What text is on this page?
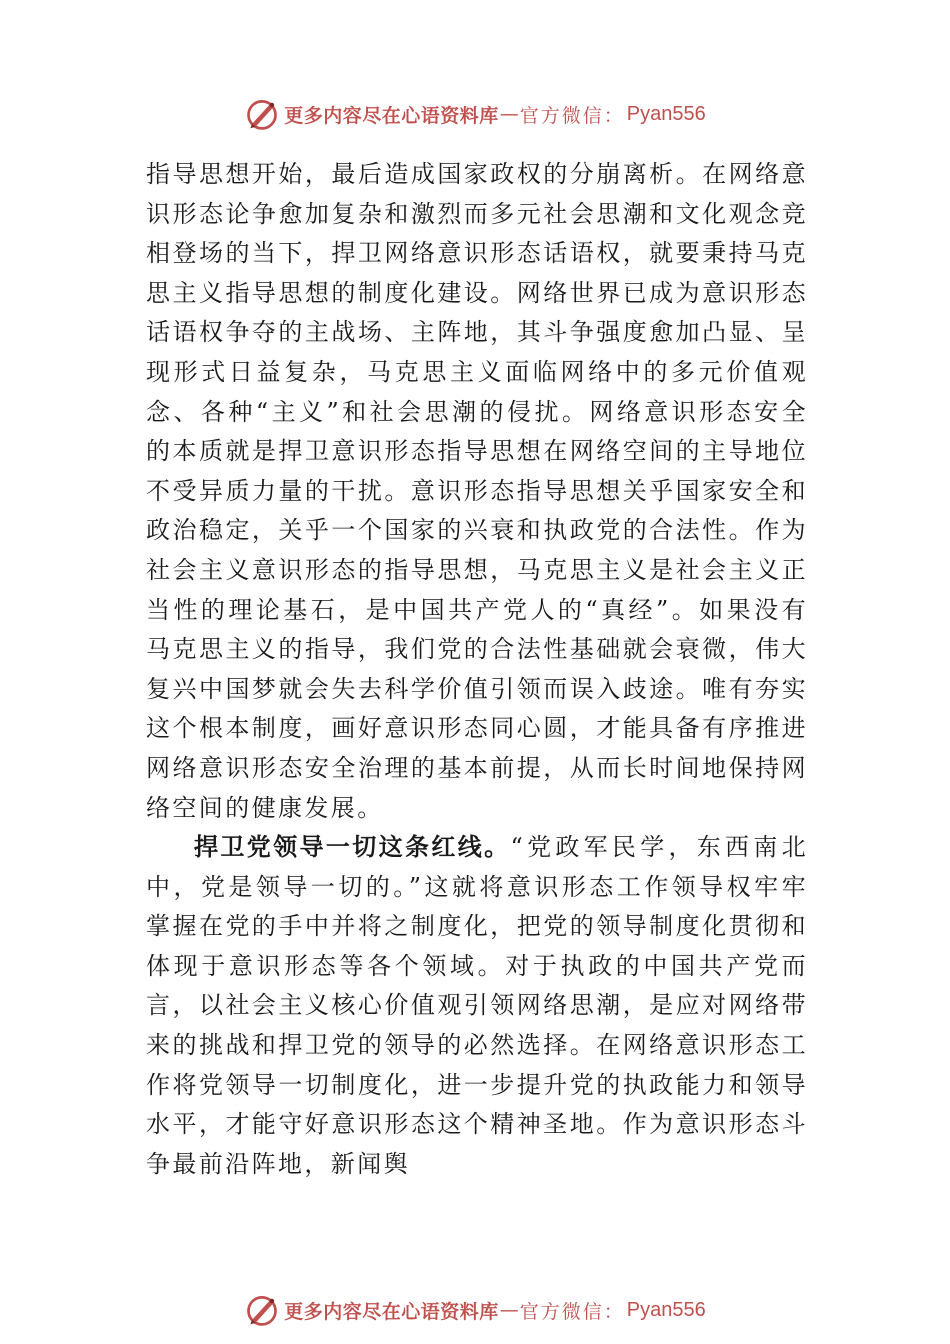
更多内容尽在心语资料库 — 官方微信： Pyan556

指导思想开始，最后造成国家政权的分崩离析。在网络意识形态论争愈加复杂和激烈而多元社会思潮和文化观念竞相登场的当下，捍卫网络意识形态话语权，就要秉持马克思主义指导思想的制度化建设。网络世界已成为意识形态话语权争夺的主战场、主阵地，其斗争强度愈加凸显、呈现形式日益复杂，马克思主义面临网络中的多元价值观念、各种“主义”和社会思潮的侵扰。网络意识形态安全的本质就是捍卫意识形态指导思想在网络空间的主导地位不受异质力量的干扰。意识形态指导思想关乎国家安全和政治稳定，关乎一个国家的兴衰和执政党的合法性。作为社会主义意识形态的指导思想，马克思主义是社会主义正当性的理论基石，是中国共产党人的“真经”。如果没有马克思主义的指导，我们党的合法性基础就会衰微，伟大复兴中国梦就会失去科学价值引领而误入歧途。唯有夯实这个根本制度，画好意识形态同心圆，才能具备有序推进网络意识形态安全治理的基本前提，从而长时间地保持网络空间的健康发展。

捍卫党领导一切这条红线。“党政军民学，东西南北中，党是领导一切的。”这就将意识形态工作领导权牢牢掌握在党的手中并将之制度化，把党的领导制度化贯彻和体现于意识形态等各个领域。对于执政的中国共产党而言，以社会主义核心价值观引领网络思潮，是应对网络带来的挑战和捍卫党的领导的必然选择。在网络意识形态工作将党领导一切制度化，进一步提升党的执政能力和领导水平，才能守好意识形态这个精神圣地。作为意识形态斗争最前沿阵地，新闻舆

更多内容尽在心语资料库 — 官方微信： Pyan556
